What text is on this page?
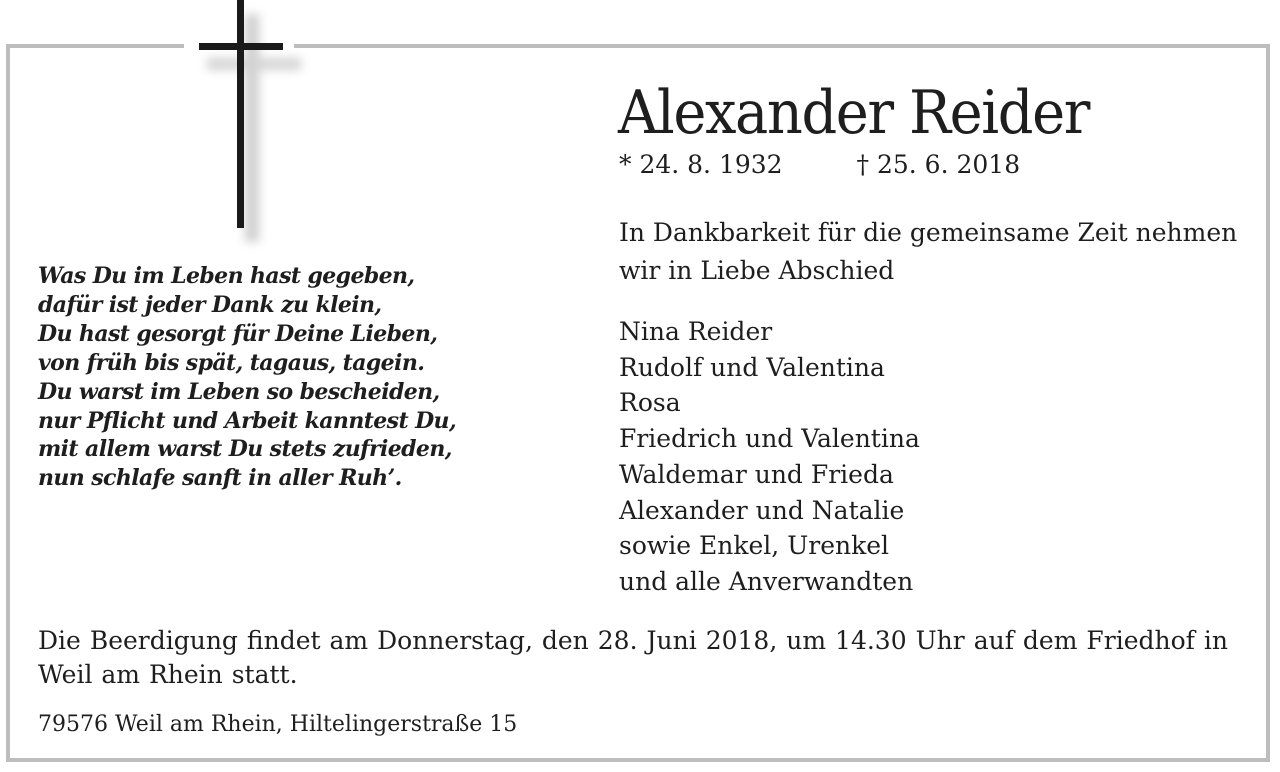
Was Du im Leben hast gegeben,
dafür ist jeder Dank zu klein,
Du hast gesorgt für Deine Lieben,
von früh bis spät, tagaus, tagein.
Du warst im Leben so bescheiden,
nur Pflicht und Arbeit kanntest Du,
mit allem warst Du stets zufrieden,
nun schlafe sanft in aller Ruh’.
Alexander Reider
* 24. 8. 1932	† 25. 6. 2018
In Dankbarkeit für die gemeinsame Zeit nehmen
wir in Liebe Abschied
Nina Reider
Rudolf und Valentina
Rosa
Friedrich und Valentina
Waldemar und Frieda
Alexander und Natalie
sowie Enkel, Urenkel
und alle Anverwandten
Die Beerdigung findet am Donnerstag, den 28. Juni 2018, um 14.30 Uhr auf dem Friedhof in Weil am Rhein statt.
79576 Weil am Rhein, Hiltelingerstraße 15
